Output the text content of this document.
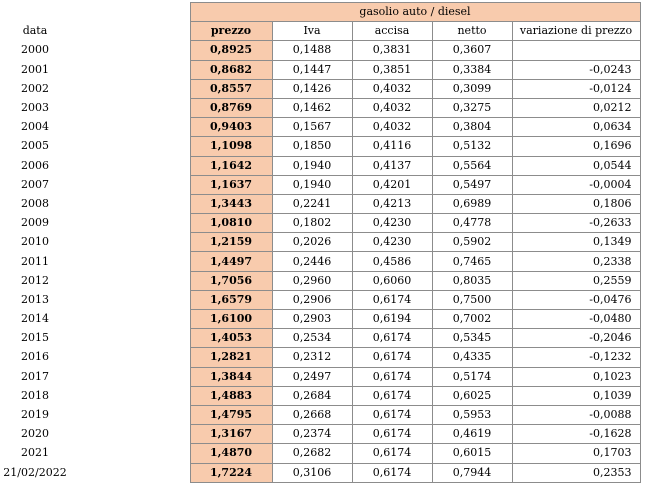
		gasolio auto / diesel				
data		prezzo	Iva	accisa	netto	variazione di prezzo
2000		0,8925	0,1488	0,3831	0,3607	
2001		0,8682	0,1447	0,3851	0,3384	-0,0243
2002		0,8557	0,1426	0,4032	0,3099	-0,0124
2003		0,8769	0,1462	0,4032	0,3275	0,0212
2004		0,9403	0,1567	0,4032	0,3804	0,0634
2005		1,1098	0,1850	0,4116	0,5132	0,1696
2006		1,1642	0,1940	0,4137	0,5564	0,0544
2007		1,1637	0,1940	0,4201	0,5497	-0,0004
2008		1,3443	0,2241	0,4213	0,6989	0,1806
2009		1,0810	0,1802	0,4230	0,4778	-0,2633
2010		1,2159	0,2026	0,4230	0,5902	0,1349
2011		1,4497	0,2446	0,4586	0,7465	0,2338
2012		1,7056	0,2960	0,6060	0,8035	0,2559
2013		1,6579	0,2906	0,6174	0,7500	-0,0476
2014		1,6100	0,2903	0,6194	0,7002	-0,0480
2015		1,4053	0,2534	0,6174	0,5345	-0,2046
2016		1,2821	0,2312	0,6174	0,4335	-0,1232
2017		1,3844	0,2497	0,6174	0,5174	0,1023
2018		1,4883	0,2684	0,6174	0,6025	0,1039
2019		1,4795	0,2668	0,6174	0,5953	-0,0088
2020		1,3167	0,2374	0,6174	0,4619	-0,1628
2021		1,4870	0,2682	0,6174	0,6015	0,1703
21/02/2022		1,7224	0,3106	0,6174	0,7944	0,2353
